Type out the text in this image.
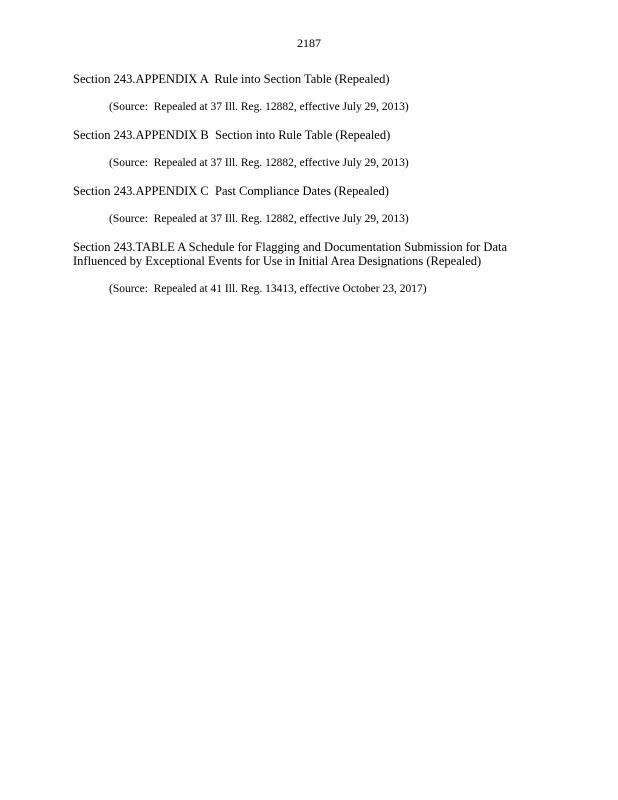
2187

Section 243.APPENDIX A  Rule into Section Table (Repealed)

(Source:  Repealed at 37 Ill. Reg. 12882, effective July 29, 2013)

Section 243.APPENDIX B  Section into Rule Table (Repealed)

(Source:  Repealed at 37 Ill. Reg. 12882, effective July 29, 2013)

Section 243.APPENDIX C  Past Compliance Dates (Repealed)

(Source:  Repealed at 37 Ill. Reg. 12882, effective July 29, 2013)

Section 243.TABLE A Schedule for Flagging and Documentation Submission for Data Influenced by Exceptional Events for Use in Initial Area Designations (Repealed)

(Source:  Repealed at 41 Ill. Reg. 13413, effective October 23, 2017)
